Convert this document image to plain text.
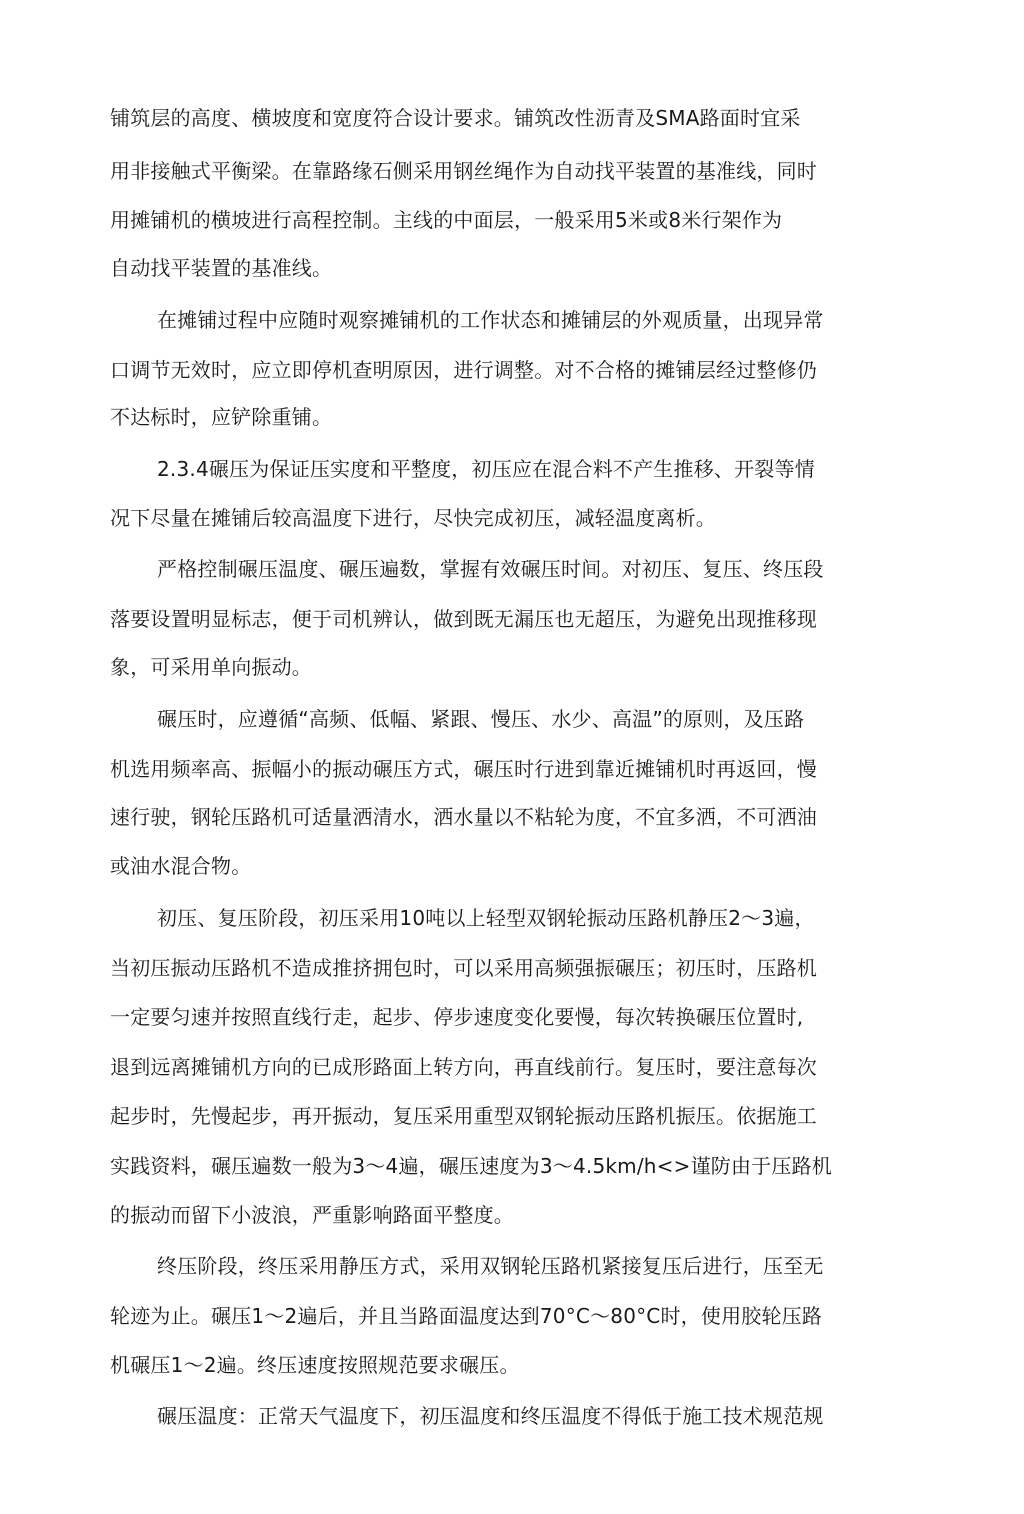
铺筑层的高度、横坡度和宽度符合设计要求。铺筑改性沥青及SMA路面时宜采
用非接触式平衡梁。在靠路缘石侧采用钢丝绳作为自动找平装置的基准线，同时
用摊铺机的横坡进行高程控制。主线的中面层，一般采用5米或8米行架作为
自动找平装置的基准线。
在摊铺过程中应随时观察摊铺机的工作状态和摊铺层的外观质量，出现异常
口调节无效时，应立即停机查明原因，进行调整。对不合格的摊铺层经过整修仍
不达标时，应铲除重铺。
2.3.4碾压为保证压实度和平整度，初压应在混合料不产生推移、开裂等情
况下尽量在摊铺后较高温度下进行，尽快完成初压，减轻温度离析。
严格控制碾压温度、碾压遍数，掌握有效碾压时间。对初压、复压、终压段
落要设置明显标志，便于司机辨认，做到既无漏压也无超压，为避免出现推移现
象，可采用单向振动。
碾压时，应遵循“高频、低幅、紧跟、慢压、水少、高温”的原则，及压路
机选用频率高、振幅小的振动碾压方式，碾压时行进到靠近摊铺机时再返回，慢
速行驶，钢轮压路机可适量洒清水，洒水量以不粘轮为度，不宜多洒，不可洒油
或油水混合物。
初压、复压阶段，初压采用10吨以上轻型双钢轮振动压路机静压2～3遍，
当初压振动压路机不造成推挤拥包时，可以采用高频强振碾压；初压时，压路机
一定要匀速并按照直线行走，起步、停步速度变化要慢，每次转换碾压位置时,
退到远离摊铺机方向的已成形路面上转方向，再直线前行。复压时，要注意每次
起步时，先慢起步，再开振动，复压采用重型双钢轮振动压路机振压。依据施工
实践资料，碾压遍数一般为3～4遍，碾压速度为3～4.5km/h<>谨防由于压路机
的振动而留下小波浪，严重影响路面平整度。
终压阶段，终压采用静压方式，采用双钢轮压路机紧接复压后进行，压至无
轮迹为止。碾压1～2遍后，并且当路面温度达到70°C～80°C时，使用胶轮压路
机碾压1～2遍。终压速度按照规范要求碾压。
碾压温度：正常天气温度下，初压温度和终压温度不得低于施工技术规范规
